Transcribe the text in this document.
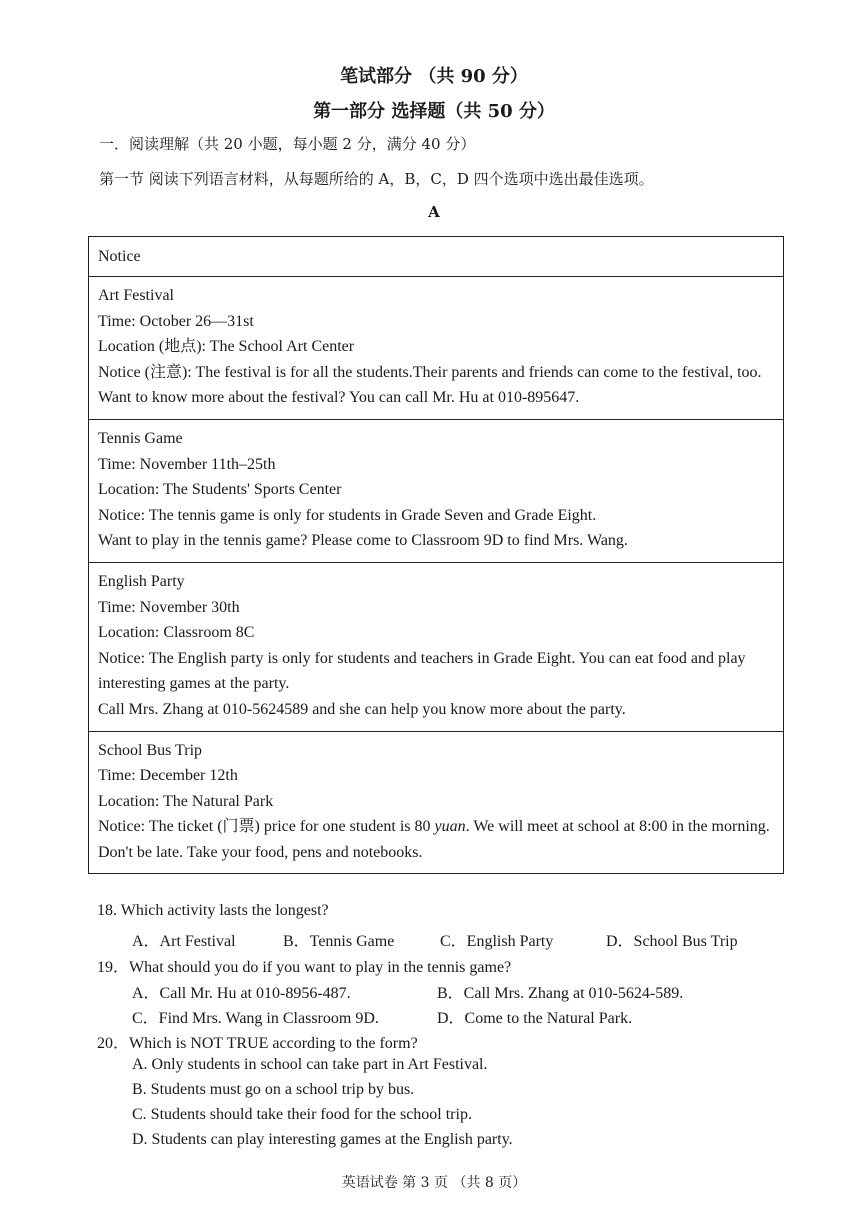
笔试部分 （共 90 分）
第一部分 选择题（共 50 分）
一．阅读理解（共 20 小题，每小题 2 分，满分 40 分）
第一节 阅读下列语言材料，从每题所给的 A，B，C，D 四个选项中选出最佳选项。
A
Notice
Art Festival
Time: October 26—31st
Location (地点): The School Art Center
Notice (注意): The festival is for all the students.Their parents and friends can come to the festival, too.
Want to know more about the festival? You can call Mr. Hu at 010-895647.
Tennis Game
Time: November 11th–25th
Location: The Students' Sports Center
Notice: The tennis game is only for students in Grade Seven and Grade Eight.
Want to play in the tennis game? Please come to Classroom 9D to find Mrs. Wang.
English Party
Time: November 30th
Location: Classroom 8C
Notice: The English party is only for students and teachers in Grade Eight. You can eat food and play interesting games at the party.
Call Mrs. Zhang at 010-5624589 and she can help you know more about the party.
School Bus Trip
Time: December 12th
Location: The Natural Park
Notice: The ticket (门票) price for one student is 80 yuan. We will meet at school at 8:00 in the morning. Don't be late. Take your food, pens and notebooks.
18. Which activity lasts the longest?
A．Art Festival	B．Tennis Game	C．English Party	D．School Bus Trip
19．What should you do if you want to play in the tennis game?
A．Call Mr. Hu at 010-8956-487.	B．Call Mrs. Zhang at 010-5624-589.
C．Find Mrs. Wang in Classroom 9D.	D．Come to the Natural Park.
20．Which is NOT TRUE according to the form?
A. Only students in school can take part in Art Festival.
B. Students must go on a school trip by bus.
C. Students should take their food for the school trip.
D. Students can play interesting games at the English party.
英语试卷 第 3 页 （共 8 页）
